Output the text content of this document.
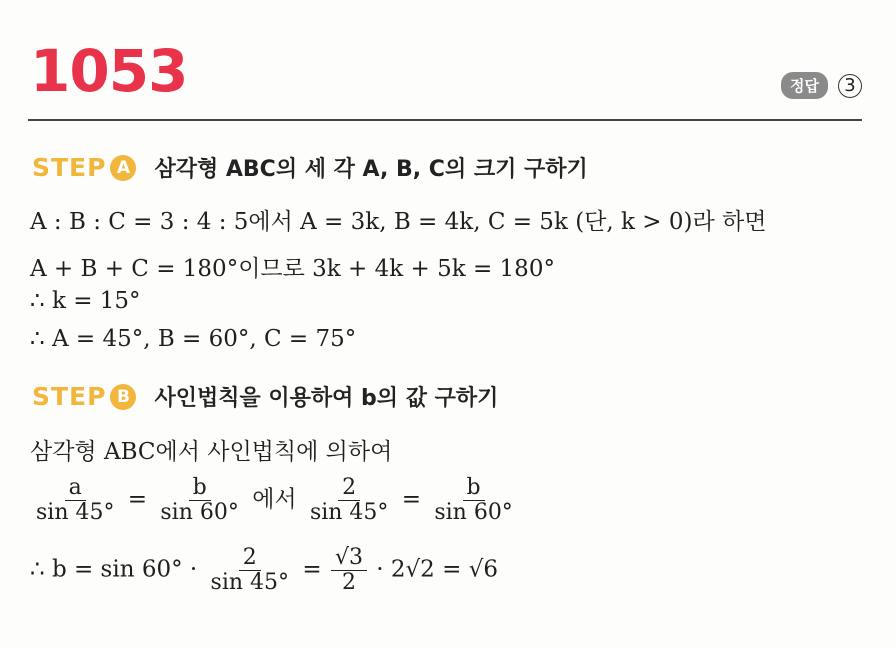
1053	정답	3
STEP A 삼각형 ABC의 세 각 A, B, C의 크기 구하기
A : B : C = 3 : 4 : 5에서 A = 3k, B = 4k, C = 5k (단, k > 0)라 하면
A + B + C = 180°이므로 3k + 4k + 5k = 180°
∴ k = 15°
∴ A = 45°, B = 60°, C = 75°
STEP B 사인법칙을 이용하여 b의 값 구하기
삼각형 ABC에서 사인법칙에 의하여
$\frac{a}{\sin 45^\circ} = \frac{b}{\sin 60^\circ}$ 에서 $\frac{2}{\sin 45^\circ} = \frac{b}{\sin 60^\circ}$
∴ $b = \sin 60^\circ \cdot \frac{2}{\sin 45^\circ} = \frac{√3}{2} \cdot 2√2 = √6$
